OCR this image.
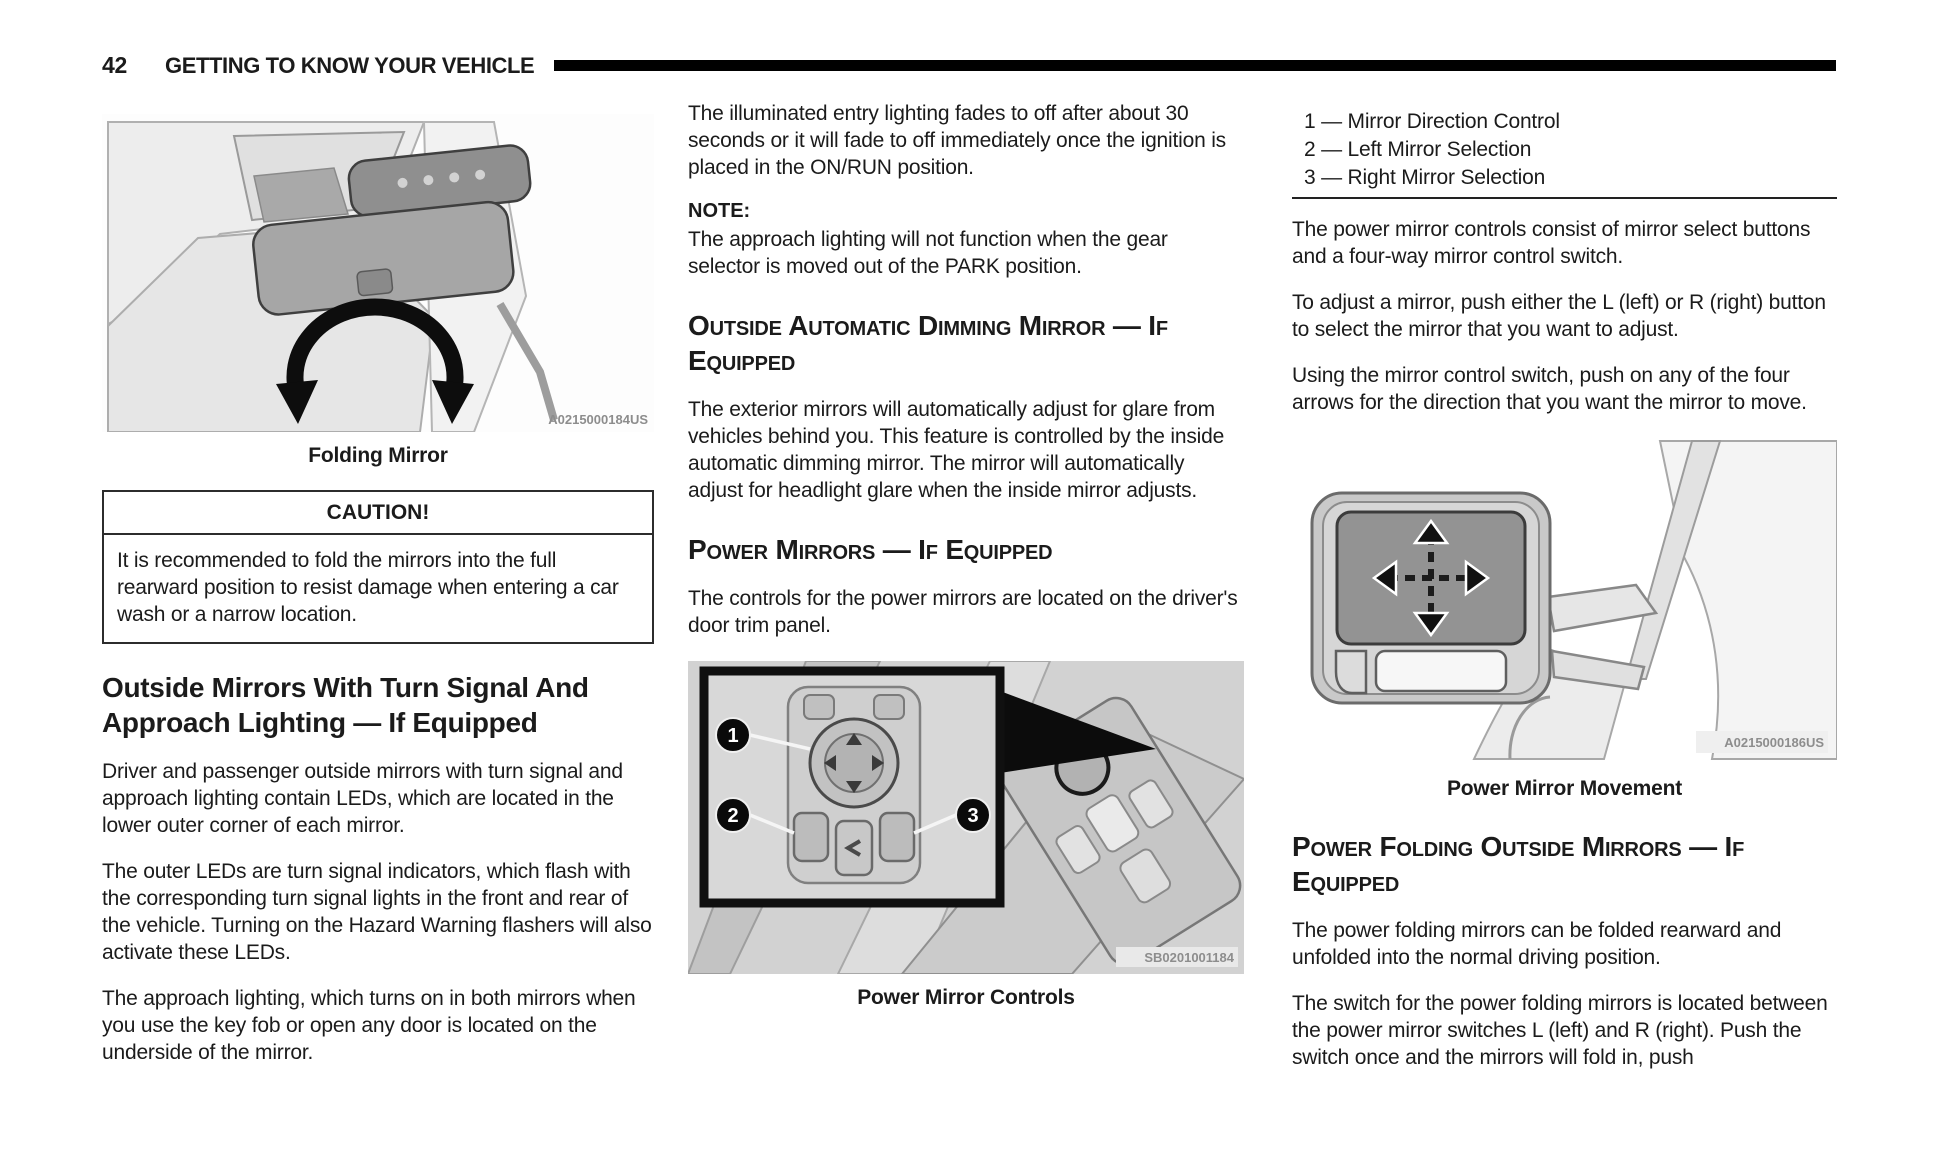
42 GETTING TO KNOW YOUR VEHICLE
A0215000184US
Folding Mirror
CAUTION!
It is recommended to fold the mirrors into the full rearward position to resist damage when entering a car wash or a narrow location.
Outside Mirrors With Turn Signal And Approach Lighting — If Equipped

Driver and passenger outside mirrors with turn signal and approach lighting contain LEDs, which are located in the lower outer corner of each mirror.

The outer LEDs are turn signal indicators, which flash with the corresponding turn signal lights in the front and rear of the vehicle. Turning on the Hazard Warning flashers will also activate these LEDs.

The approach lighting, which turns on in both mirrors when you use the key fob or open any door is located on the underside of the mirror.

The illuminated entry lighting fades to off after about 30 seconds or it will fade to off immediately once the ignition is placed in the ON/RUN position.

NOTE:

The approach lighting will not function when the gear selector is moved out of the PARK position.

Outside Automatic Dimming Mirror — If Equipped

The exterior mirrors will automatically adjust for glare from vehicles behind you. This feature is controlled by the inside automatic dimming mirror. The mirror will automatically adjust for headlight glare when the inside mirror adjusts.

Power Mirrors — If Equipped

The controls for the power mirrors are located on the driver's door trim panel.

1
2	3
SB0201001184
Power Mirror Controls
1 — Mirror Direction Control
2 — Left Mirror Selection
3 — Right Mirror Selection

The power mirror controls consist of mirror select buttons and a four-way mirror control switch.

To adjust a mirror, push either the L (left) or R (right) button to select the mirror that you want to adjust.

Using the mirror control switch, push on any of the four arrows for the direction that you want the mirror to move.

A0215000186US
Power Mirror Movement
Power Folding Outside Mirrors — If Equipped

The power folding mirrors can be folded rearward and unfolded into the normal driving position.

The switch for the power folding mirrors is located between the power mirror switches L (left) and R (right). Push the switch once and the mirrors will fold in, push
